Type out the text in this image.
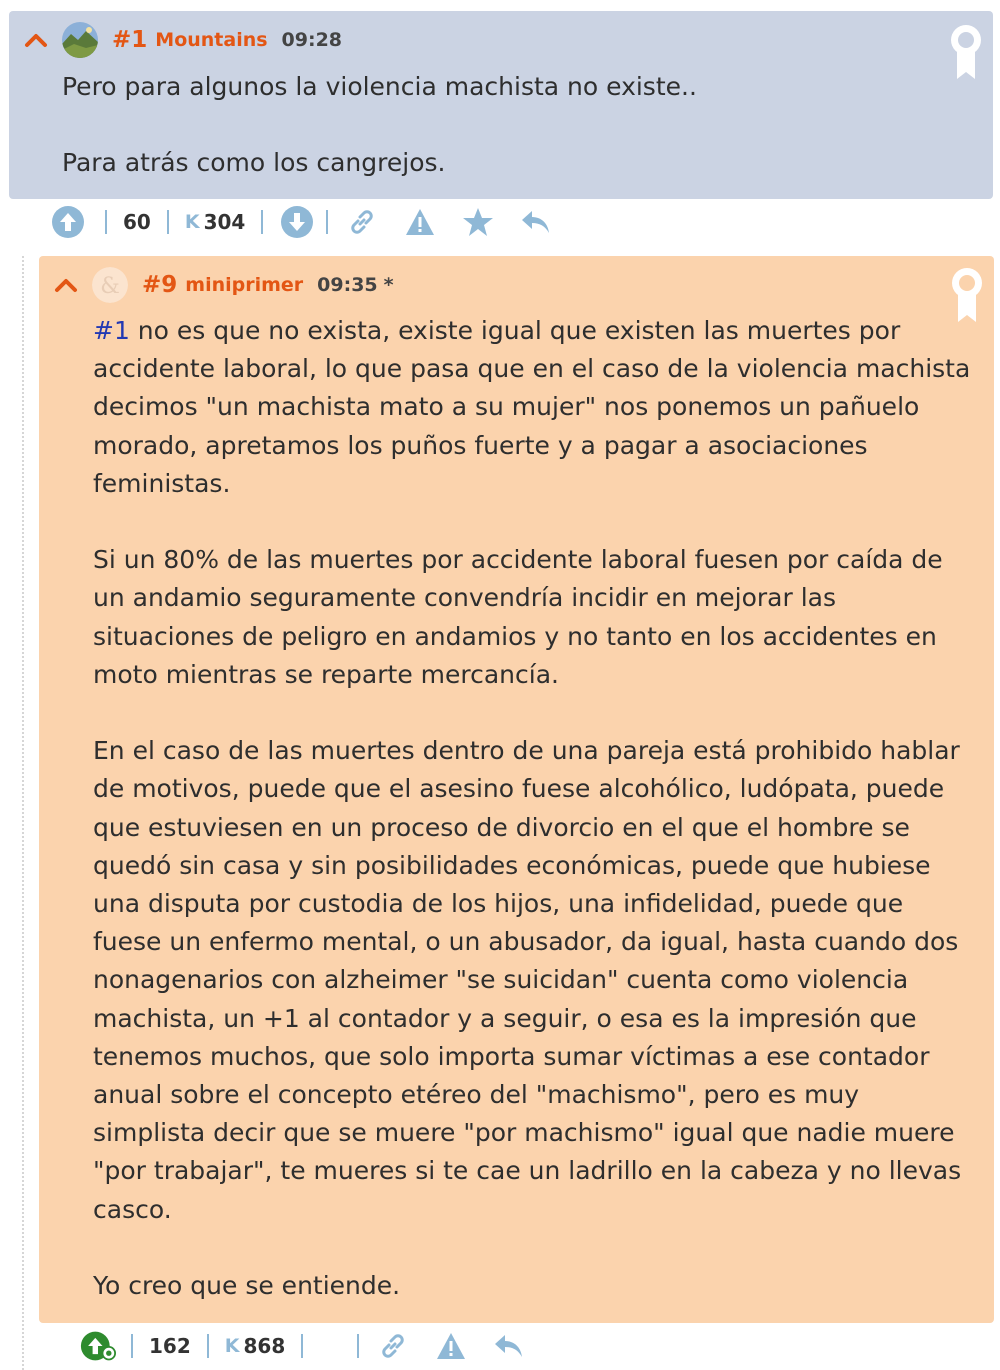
#1 Mountains 09:28

Pero para algunos la violencia machista no existe..

Para atrás como los cangrejos.

60 K 304
& #9 miniprimer 09:35 *

#1 no es que no exista, existe igual que existen las muertes por accidente laboral, lo que pasa que en el caso de la violencia machista decimos "un machista mato a su mujer" nos ponemos un pañuelo morado, apretamos los puños fuerte y a pagar a asociaciones feministas.

Si un 80% de las muertes por accidente laboral fuesen por caída de un andamio seguramente convendría incidir en mejorar las situaciones de peligro en andamios y no tanto en los accidentes en moto mientras se reparte mercancía.

En el caso de las muertes dentro de una pareja está prohibido hablar de motivos, puede que el asesino fuese alcohólico, ludópata, puede que estuviesen en un proceso de divorcio en el que el hombre se quedó sin casa y sin posibilidades económicas, puede que hubiese una disputa por custodia de los hijos, una infidelidad, puede que fuese un enfermo mental, o un abusador, da igual, hasta cuando dos nonagenarios con alzheimer "se suicidan" cuenta como violencia machista, un +1 al contador y a seguir, o esa es la impresión que tenemos muchos, que solo importa sumar víctimas a ese contador anual sobre el concepto etéreo del "machismo", pero es muy simplista decir que se muere "por machismo" igual que nadie muere "por trabajar", te mueres si te cae un ladrillo en la cabeza y no llevas casco.

Yo creo que se entiende.

162 K 868
